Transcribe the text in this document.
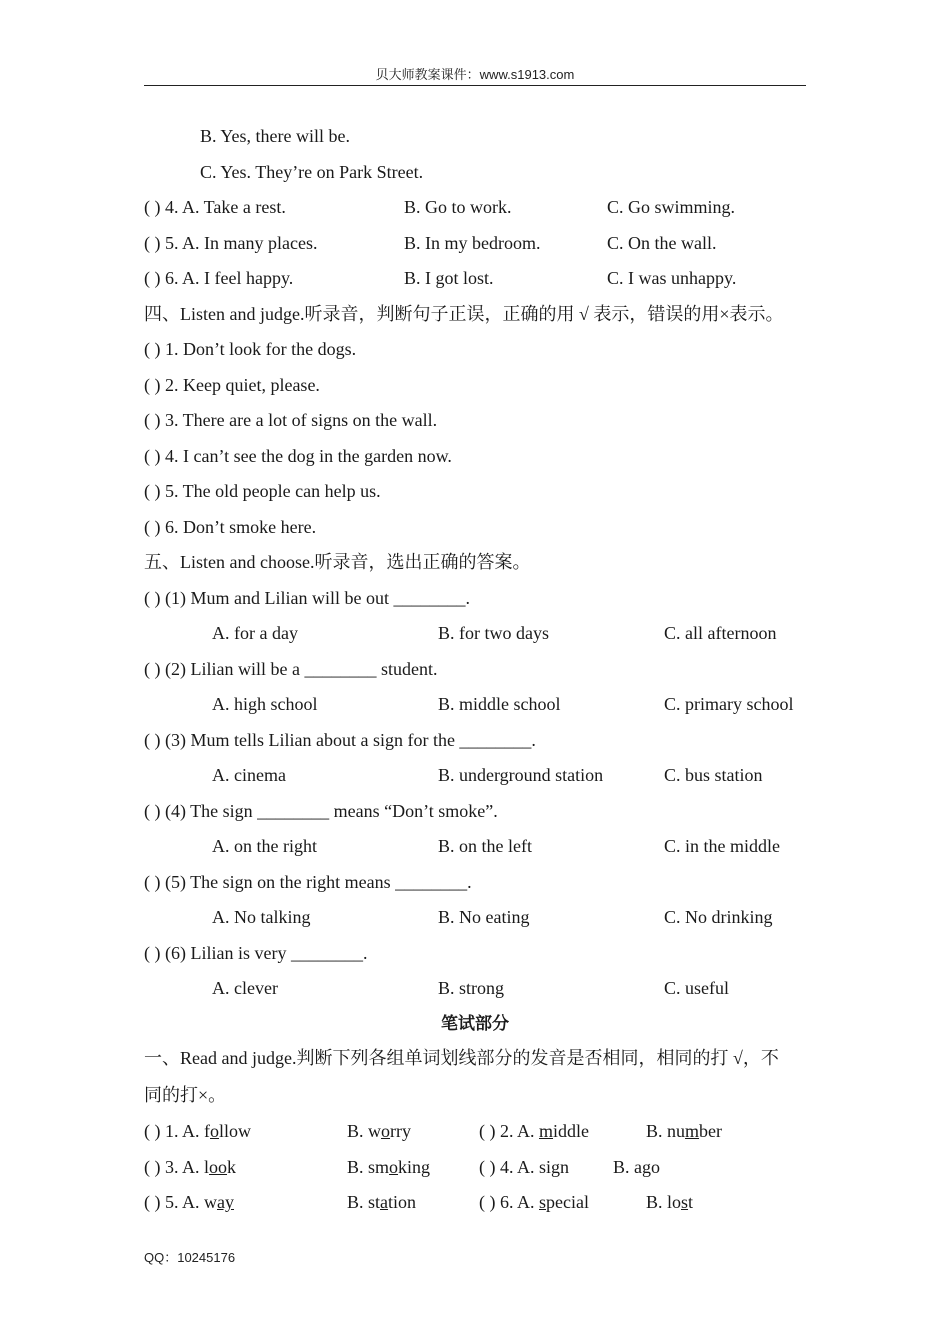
贝大师教案课件：www.s1913.com
B. Yes, there will be.
C. Yes. They’re on Park Street.
( ) 4. A. Take a rest.	B. Go to work.	C. Go swimming.
( ) 5. A. In many places.	B. In my bedroom.	C. On the wall.
( ) 6. A. I feel happy.	B. I got lost.	C. I was unhappy.
四、Listen and judge.听录音，判断句子正误，正确的用 √ 表示，错误的用×表示。
( ) 1. Don’t look for the dogs.
( ) 2. Keep quiet, please.
( ) 3. There are a lot of signs on the wall.
( ) 4. I can’t see the dog in the garden now.
( ) 5. The old people can help us.
( ) 6. Don’t smoke here.
五、Listen and choose.听录音，选出正确的答案。
( ) (1) Mum and Lilian will be out ________.
A. for a day	B. for two days	C. all afternoon
( ) (2) Lilian will be a ________ student.
A. high school	B. middle school	C. primary school
( ) (3) Mum tells Lilian about a sign for the ________.
A. cinema	B. underground station	C. bus station
( ) (4) The sign ________ means “Don’t smoke”.
A. on the right	B. on the left	C. in the middle
( ) (5) The sign on the right means ________.
A. No talking	B. No eating	C. No drinking
( ) (6) Lilian is very ________.
A. clever	B. strong	C. useful
笔试部分
一、Read and judge.判断下列各组单词划线部分的发音是否相同，相同的打 √，不
同的打×。
( ) 1. A. follow	B. worry	( ) 2. A. middle	B. number
( ) 3. A. look	B. smoking	( ) 4. A. sign B. ago
( ) 5. A. way	B. station	( ) 6. A. special	B. lost
QQ：10245176
